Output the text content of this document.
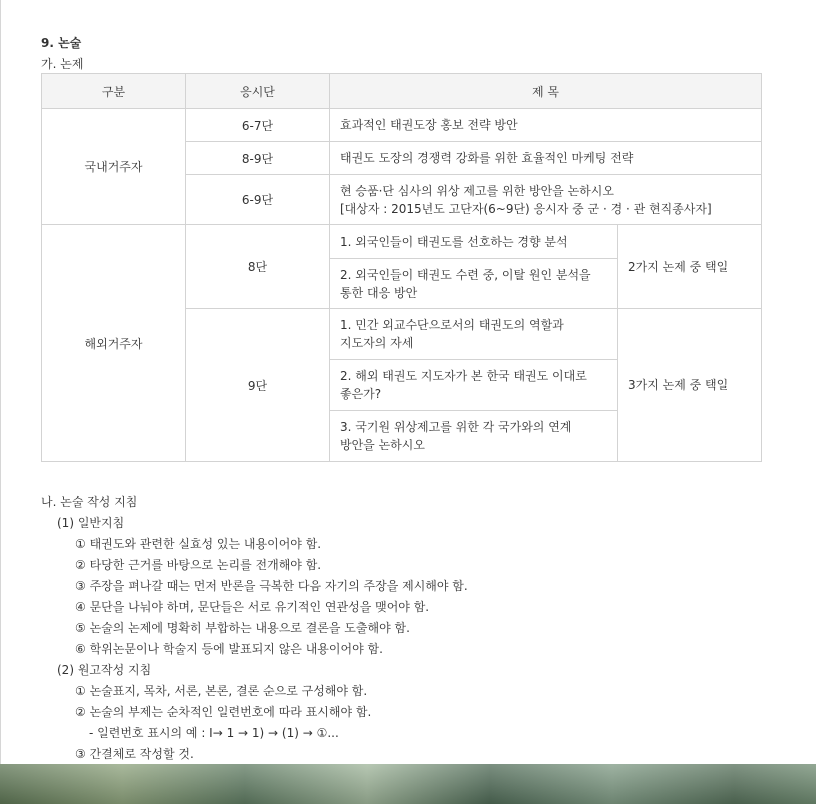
9. 논술
가. 논제
구분	응시단	제 목	
국내거주자	6-7단	효과적인 태권도장 홍보 전략 방안	
	8-9단	태권도 도장의 경쟁력 강화를 위한 효율적인 마케팅 전략	
	6-9단	현 승품·단 심사의 위상 제고를 위한 방안을 논하시오
[대상자 : 2015년도 고단자(6~9단) 응시자 중 군 · 경 · 관 현직종사자]	

해외거주자	8단	1. 외국인들이 태권도를 선호하는 경향 분석	2가지 논제 중 택일

		2. 외국인들이 태권도 수련 중, 이탈 원인 분석을
통한 대응 방안	

	9단	1. 민간 외교수단으로서의 태권도의 역할과
지도자의 자세	3가지 논제 중 택일

		2. 해외 태권도 지도자가 본 한국 태권도 이대로
좋은가?	

		3. 국기원 위상제고를 위한 각 국가와의 연계
방안을 논하시오	
나. 논술 작성 지침
(1) 일반지침
① 태권도와 관련한 실효성 있는 내용이어야 함.
② 타당한 근거를 바탕으로 논리를 전개해야 함.
③ 주장을 펴나갈 때는 먼저 반론을 극복한 다음 자기의 주장을 제시해야 함.
④ 문단을 나눠야 하며, 문단들은 서로 유기적인 연관성을 맺어야 함.
⑤ 논술의 논제에 명확히 부합하는 내용으로 결론을 도출해야 함.
⑥ 학위논문이나 학술지 등에 발표되지 않은 내용이어야 함.
(2) 원고작성 지침
① 논술표지, 목차, 서론, 본론, 결론 순으로 구성해야 함.
② 논술의 부제는 순차적인 일련번호에 따라 표시해야 함.
- 일련번호 표시의 예 : Ⅰ→ 1 → 1) → (1) → ①...
③ 간결체로 작성할 것.
